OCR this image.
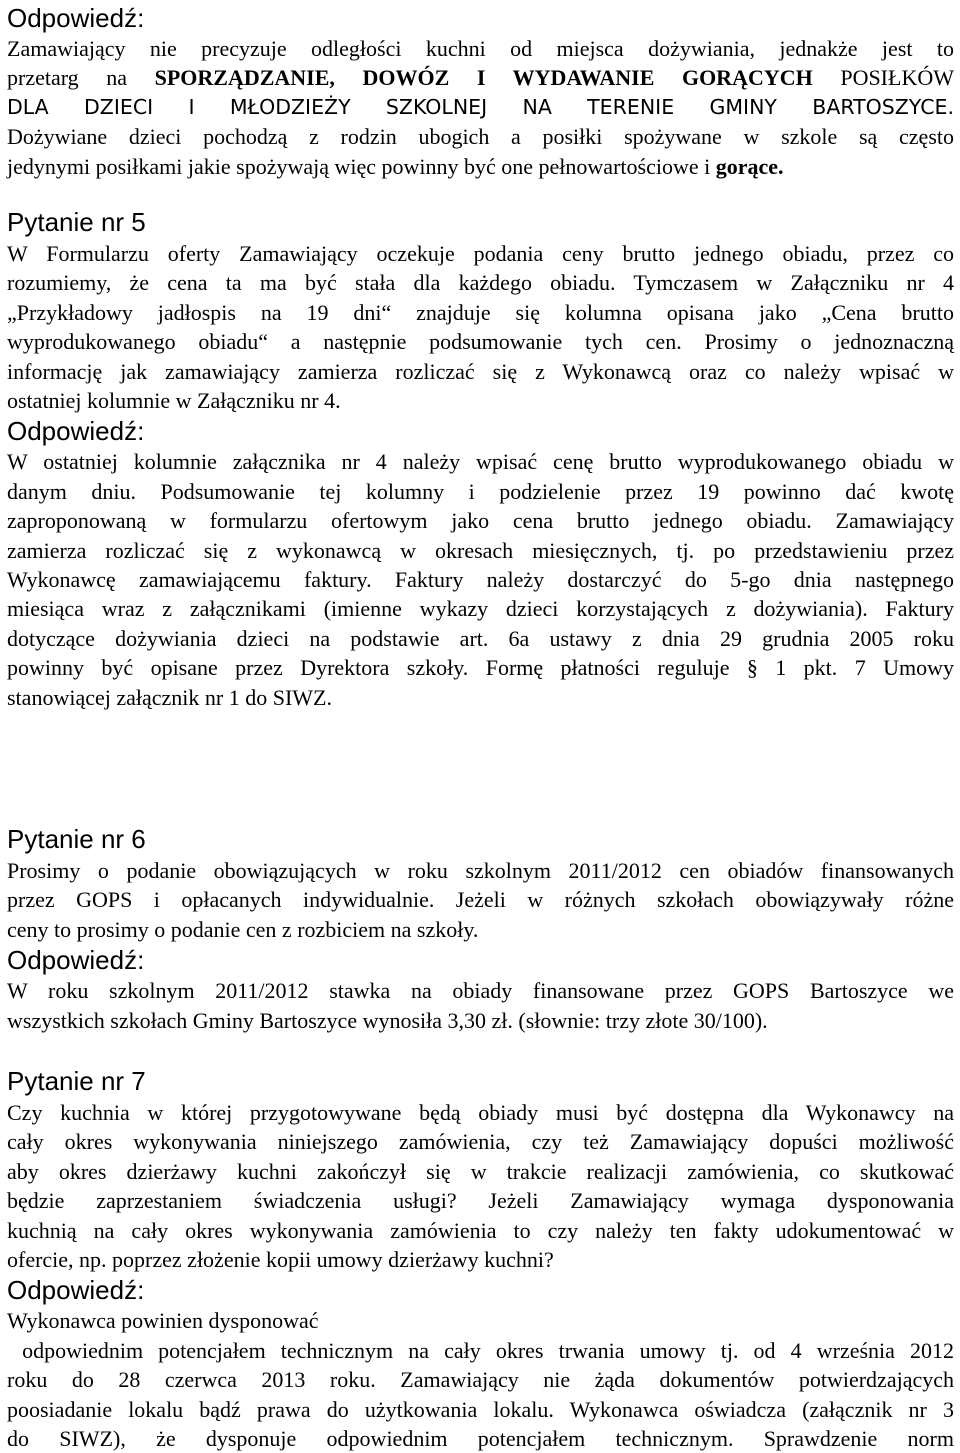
Odpowiedź:
Zamawiający nie precyzuje odległości kuchni od miejsca dożywiania, jednakże jest to
przetarg na SPORZĄDZANIE, DOWÓZ I WYDAWANIE GORĄCYCH POSIŁKÓW
DLA DZIECI I MŁODZIEŻY SZKOLNEJ NA TERENIE GMINY BARTOSZYCE.
Dożywiane dzieci pochodzą z rodzin ubogich a posiłki spożywane w szkole są często
jedynymi posiłkami jakie spożywają więc powinny być one pełnowartościowe i gorące.
Pytanie nr 5
W Formularzu oferty Zamawiający oczekuje podania ceny brutto jednego obiadu, przez co
rozumiemy, że cena ta ma być stała dla każdego obiadu. Tymczasem w Załączniku nr 4
„Przykładowy jadłospis na 19 dni“ znajduje się kolumna opisana jako „Cena brutto
wyprodukowanego obiadu“ a następnie podsumowanie tych cen. Prosimy o jednoznaczną
informację jak zamawiający zamierza rozliczać się z Wykonawcą oraz co należy wpisać w
ostatniej kolumnie w Załączniku nr 4.
Odpowiedź:
W ostatniej kolumnie załącznika nr 4 należy wpisać cenę brutto wyprodukowanego obiadu w
danym dniu. Podsumowanie tej kolumny i podzielenie przez 19 powinno dać kwotę
zaproponowaną w formularzu ofertowym jako cena brutto jednego obiadu. Zamawiający
zamierza rozliczać się z wykonawcą w okresach miesięcznych, tj. po przedstawieniu przez
Wykonawcę zamawiającemu faktury. Faktury należy dostarczyć do 5-go dnia następnego
miesiąca wraz z załącznikami (imienne wykazy dzieci korzystających z dożywiania). Faktury
dotyczące dożywiania dzieci na podstawie art. 6a ustawy z dnia 29 grudnia 2005 roku
powinny być opisane przez Dyrektora szkoły. Formę płatności reguluje § 1 pkt. 7 Umowy
stanowiącej załącznik nr 1 do SIWZ.
Pytanie nr 6
Prosimy o podanie obowiązujących w roku szkolnym 2011/2012 cen obiadów finansowanych
przez GOPS i opłacanych indywidualnie. Jeżeli w różnych szkołach obowiązywały różne
ceny to prosimy o podanie cen z rozbiciem na szkoły.
Odpowiedź:
W roku szkolnym 2011/2012 stawka na obiady finansowane przez GOPS Bartoszyce we
wszystkich szkołach Gminy Bartoszyce wynosiła 3,30 zł. (słownie: trzy złote 30/100).
Pytanie nr 7
Czy kuchnia w której przygotowywane będą obiady musi być dostępna dla Wykonawcy na
cały okres wykonywania niniejszego zamówienia, czy też Zamawiający dopuści możliwość
aby okres dzierżawy kuchni zakończył się w trakcie realizacji zamówienia, co skutkować
będzie zaprzestaniem świadczenia usługi? Jeżeli Zamawiający wymaga dysponowania
kuchnią na cały okres wykonywania zamówienia to czy należy ten fakty udokumentować w
ofercie, np. poprzez złożenie kopii umowy dzierżawy kuchni?
Odpowiedź:
Wykonawca powinien dysponować
odpowiednim potencjałem technicznym na cały okres trwania umowy tj. od 4 września 2012
roku do 28 czerwca 2013 roku. Zamawiający nie żąda dokumentów potwierdzających
poosiadanie lokalu bądź prawa do użytkowania lokalu. Wykonawca oświadcza (załącznik nr 3
do SIWZ), że dysponuje odpowiednim potencjałem technicznym. Sprawdzenie norm
